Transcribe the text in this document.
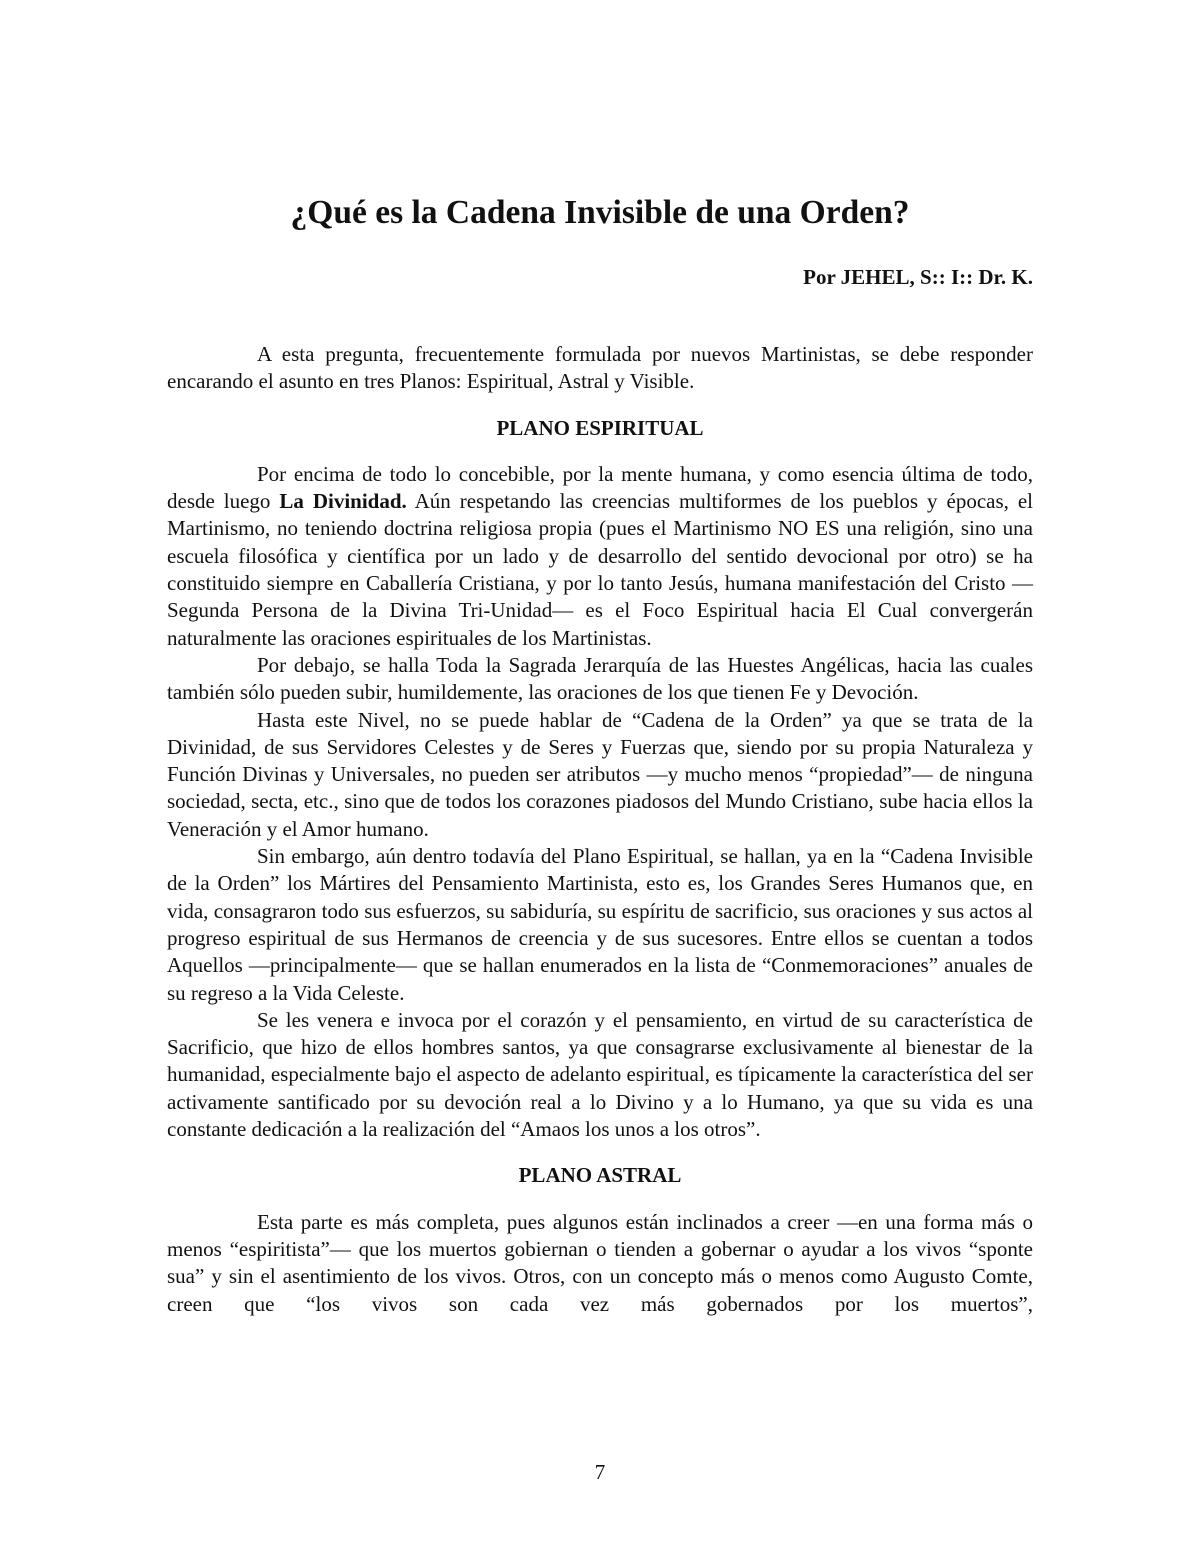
¿Qué es la Cadena Invisible de una Orden?

Por JEHEL, S:: I:: Dr. K.

A esta pregunta, frecuentemente formulada por nuevos Martinistas, se debe responder encarando el asunto en tres Planos: Espiritual, Astral y Visible.

PLANO ESPIRITUAL

Por encima de todo lo concebible, por la mente humana, y como esencia última de todo, desde luego La Divinidad. Aún respetando las creencias multiformes de los pueblos y épocas, el Martinismo, no teniendo doctrina religiosa propia (pues el Martinismo NO ES una religión, sino una escuela filosófica y científica por un lado y de desarrollo del sentido devocional por otro) se ha constituido siempre en Caballería Cristiana, y por lo tanto Jesús, humana manifestación del Cristo —Segunda Persona de la Divina Tri-Unidad— es el Foco Espiritual hacia El Cual convergerán naturalmente las oraciones espirituales de los Martinistas.

Por debajo, se halla Toda la Sagrada Jerarquía de las Huestes Angélicas, hacia las cuales también sólo pueden subir, humildemente, las oraciones de los que tienen Fe y Devoción.

Hasta este Nivel, no se puede hablar de “Cadena de la Orden” ya que se trata de la Divinidad, de sus Servidores Celestes y de Seres y Fuerzas que, siendo por su propia Naturaleza y Función Divinas y Universales, no pueden ser atributos —y mucho menos “propiedad”— de ninguna sociedad, secta, etc., sino que de todos los corazones piadosos del Mundo Cristiano, sube hacia ellos la Veneración y el Amor humano.

Sin embargo, aún dentro todavía del Plano Espiritual, se hallan, ya en la “Cadena Invisible de la Orden” los Mártires del Pensamiento Martinista, esto es, los Grandes Seres Humanos que, en vida, consagraron todo sus esfuerzos, su sabiduría, su espíritu de sacrificio, sus oraciones y sus actos al progreso espiritual de sus Hermanos de creencia y de sus sucesores. Entre ellos se cuentan a todos Aquellos —principalmente— que se hallan enumerados en la lista de “Conmemoraciones” anuales de su regreso a la Vida Celeste.

Se les venera e invoca por el corazón y el pensamiento, en virtud de su característica de Sacrificio, que hizo de ellos hombres santos, ya que consagrarse exclusivamente al bienestar de la humanidad, especialmente bajo el aspecto de adelanto espiritual, es típicamente la característica del ser activamente santificado por su devoción real a lo Divino y a lo Humano, ya que su vida es una constante dedicación a la realización del “Amaos los unos a los otros”.

PLANO ASTRAL

Esta parte es más completa, pues algunos están inclinados a creer —en una forma más o menos “espiritista”— que los muertos gobiernan o tienden a gobernar o ayudar a los vivos “sponte sua” y sin el asentimiento de los vivos. Otros, con un concepto más o menos como Augusto Comte, creen que “los vivos son cada vez más gobernados por los muertos”,

7
